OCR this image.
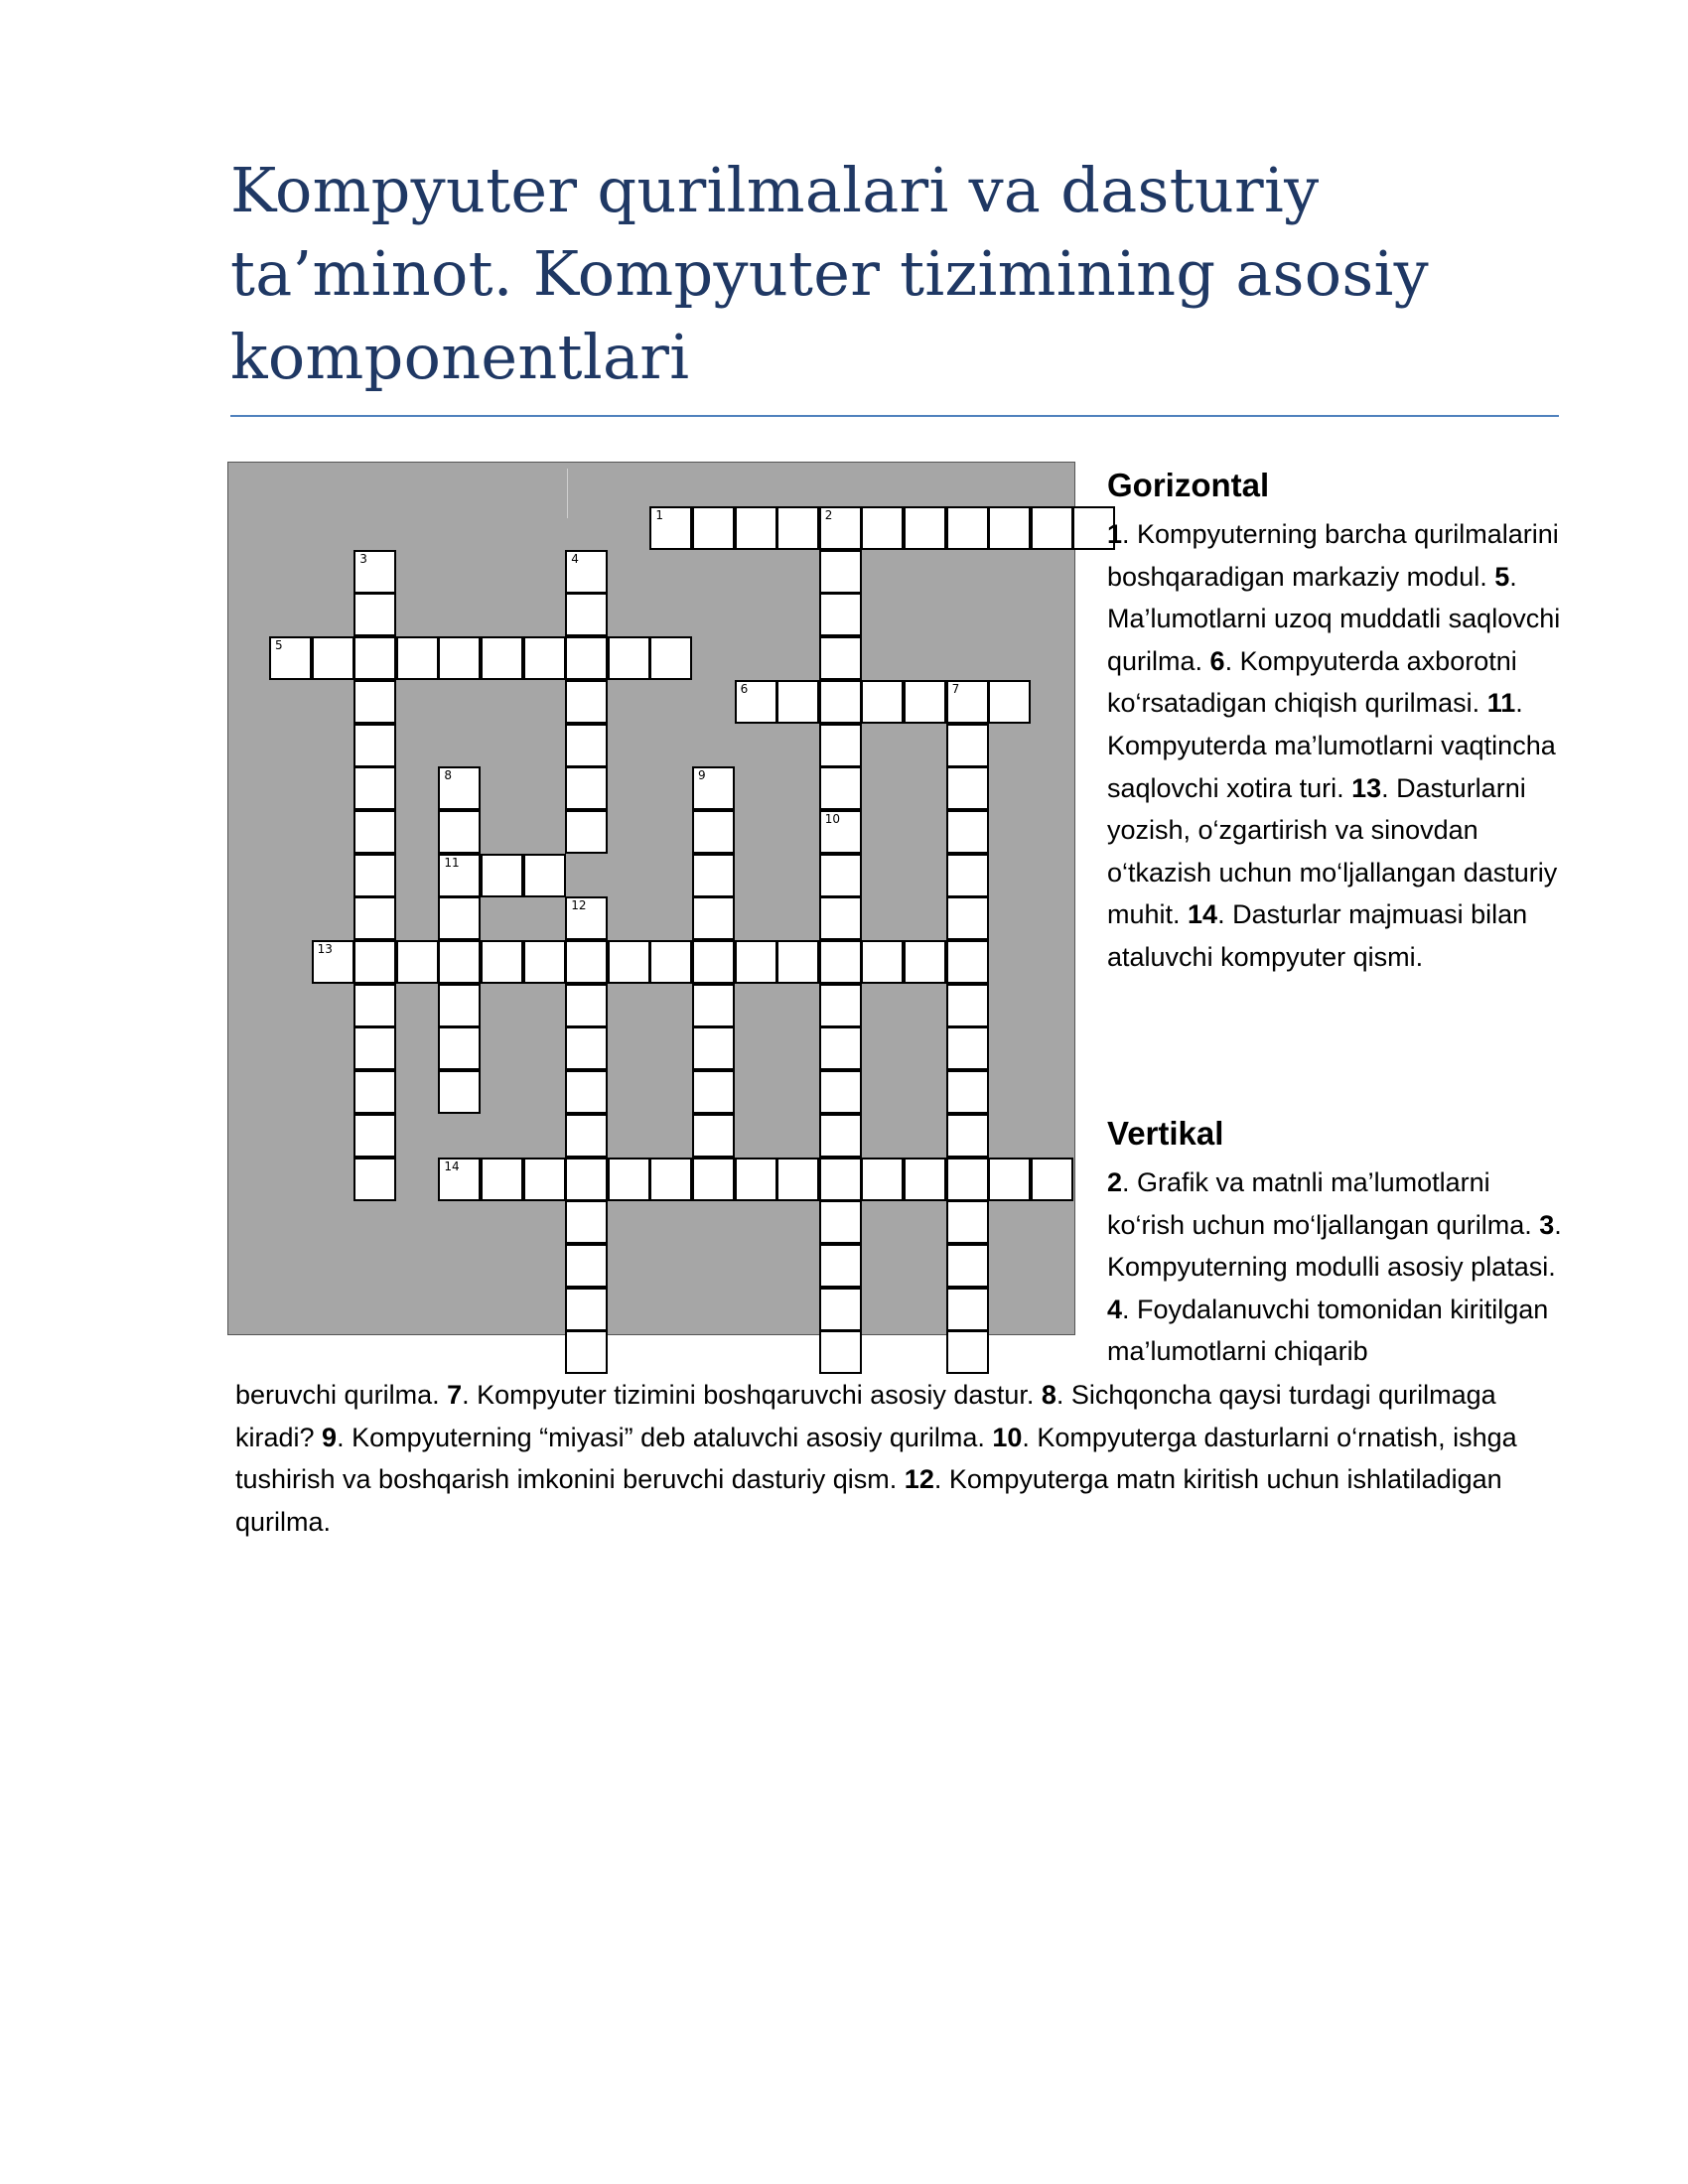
Kompyuter qurilmalari va dasturiy ta’minot. Kompyuter tizimining asosiy komponentlari
1	2
10
3	4
5
6	7
8
11
9
12
13
14
Gorizontal
1. Kompyuterning barcha qurilmalarini boshqaradigan markaziy modul. 5. Ma’lumotlarni uzoq muddatli saqlovchi qurilma. 6. Kompyuterda axborotni ko‘rsatadigan chiqish qurilmasi. 11. Kompyuterda ma’lumotlarni vaqtincha saqlovchi xotira turi. 13. Dasturlarni yozish, o‘zgartirish va sinovdan o‘tkazish uchun mo‘ljallangan dasturiy muhit. 14. Dasturlar majmuasi bilan ataluvchi kompyuter qismi.
Vertikal
2. Grafik va matnli ma’lumotlarni ko‘rish uchun mo‘ljallangan qurilma. 3. Kompyuterning modulli asosiy platasi. 4. Foydalanuvchi tomonidan kiritilgan ma’lumotlarni chiqarib
beruvchi qurilma. 7. Kompyuter tizimini boshqaruvchi asosiy dastur. 8. Sichqoncha qaysi turdagi qurilmaga kiradi? 9. Kompyuterning “miyasi” deb ataluvchi asosiy qurilma. 10. Kompyuterga dasturlarni o‘rnatish, ishga tushirish va boshqarish imkonini beruvchi dasturiy qism. 12. Kompyuterga matn kiritish uchun ishlatiladigan qurilma.
